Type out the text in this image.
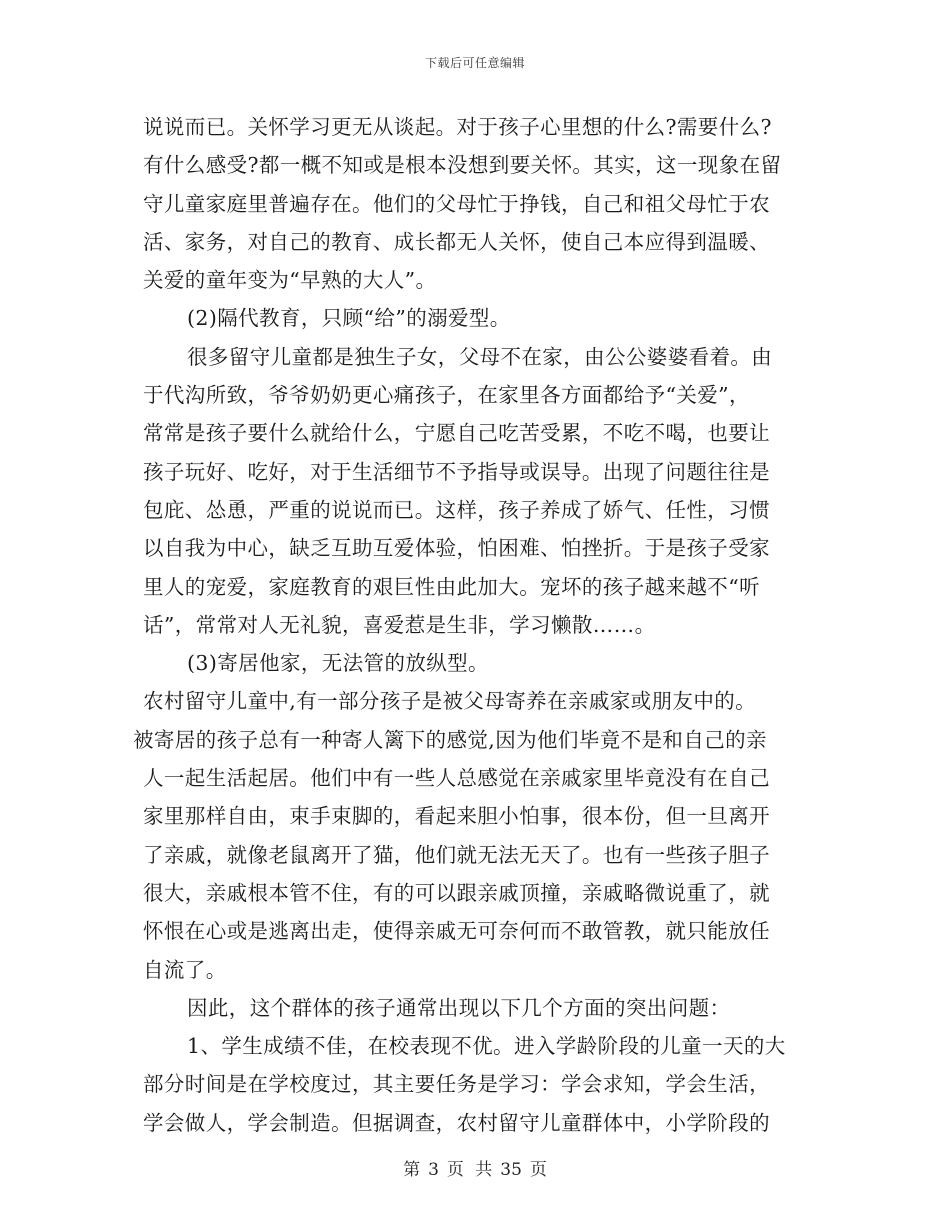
下载后可任意编辑
说说而已。关怀学习更无从谈起。对于孩子心里想的什么?需要什么?
有什么感受?都一概不知或是根本没想到要关怀。其实，这一现象在留
守儿童家庭里普遍存在。他们的父母忙于挣钱，自己和祖父母忙于农
活、家务，对自己的教育、成长都无人关怀，使自己本应得到温暖、
关爱的童年变为“早熟的大人”。
(2)隔代教育，只顾“给”的溺爱型。
很多留守儿童都是独生子女，父母不在家，由公公婆婆看着。由
于代沟所致，爷爷奶奶更心痛孩子，在家里各方面都给予“关爱”，
常常是孩子要什么就给什么，宁愿自己吃苦受累，不吃不喝，也要让
孩子玩好、吃好，对于生活细节不予指导或误导。出现了问题往往是
包庇、怂恿，严重的说说而已。这样，孩子养成了娇气、任性，习惯
以自我为中心，缺乏互助互爱体验，怕困难、怕挫折。于是孩子受家
里人的宠爱，家庭教育的艰巨性由此加大。宠坏的孩子越来越不“听
话”，常常对人无礼貌，喜爱惹是生非，学习懒散……。
(3)寄居他家，无法管的放纵型。
农村留守儿童中,有一部分孩子是被父母寄养在亲戚家或朋友中的。
被寄居的孩子总有一种寄人篱下的感觉,因为他们毕竟不是和自己的亲
人一起生活起居。他们中有一些人总感觉在亲戚家里毕竟没有在自己
家里那样自由，束手束脚的，看起来胆小怕事，很本份，但一旦离开
了亲戚，就像老鼠离开了猫，他们就无法无天了。也有一些孩子胆子
很大，亲戚根本管不住，有的可以跟亲戚顶撞，亲戚略微说重了，就
怀恨在心或是逃离出走，使得亲戚无可奈何而不敢管教，就只能放任
自流了。
因此，这个群体的孩子通常出现以下几个方面的突出问题：
1、学生成绩不佳，在校表现不优。进入学龄阶段的儿童一天的大
部分时间是在学校度过，其主要任务是学习：学会求知，学会生活，
学会做人，学会制造。但据调查，农村留守儿童群体中，小学阶段的
第 3 页 共 35 页
